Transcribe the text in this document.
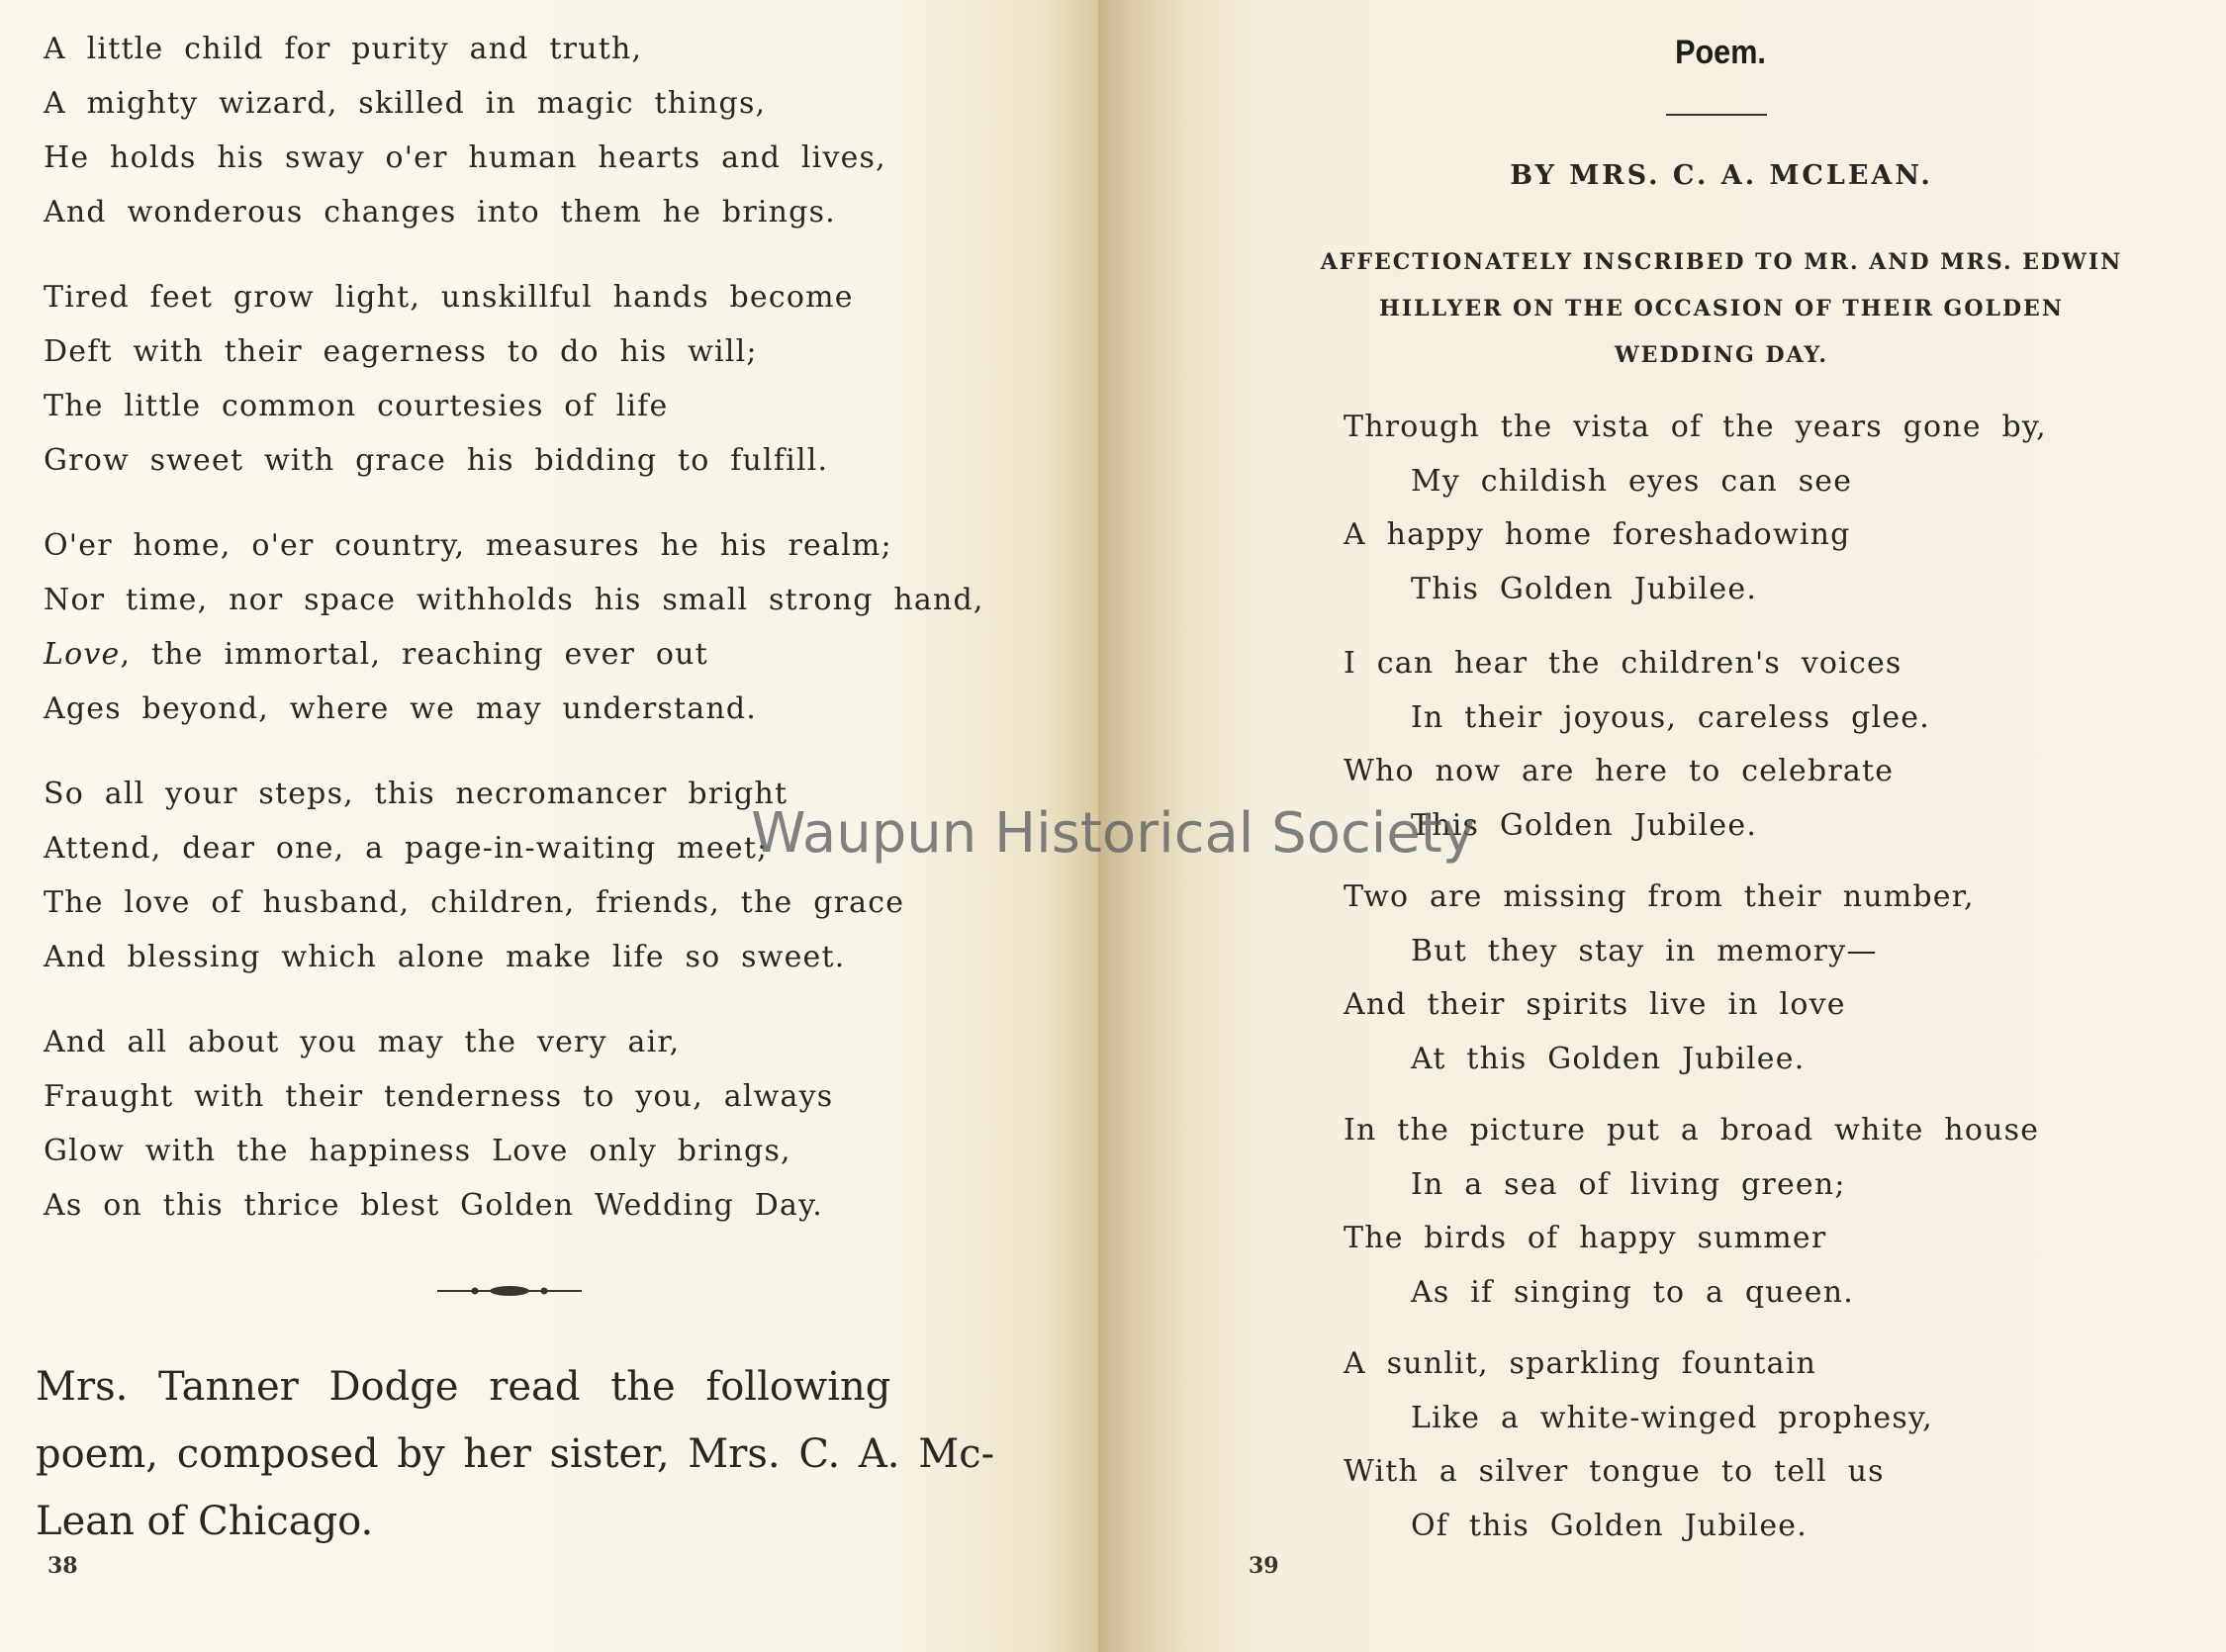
A little child for purity and truth,
A mighty wizard, skilled in magic things,
He holds his sway o'er human hearts and lives,
And wonderous changes into them he brings.
Tired feet grow light, unskillful hands become
Deft with their eagerness to do his will;
The little common courtesies of life
Grow sweet with grace his bidding to fulfill.
O'er home, o'er country, measures he his realm;
Nor time, nor space withholds his small strong hand,
Love, the immortal, reaching ever out
Ages beyond, where we may understand.
So all your steps, this necromancer bright
Attend, dear one, a page-in-waiting meet;
The love of husband, children, friends, the grace
And blessing which alone make life so sweet.
And all about you may the very air,
Fraught with their tenderness to you, always
Glow with the happiness Love only brings,
As on this thrice blest Golden Wedding Day.
Mrs. Tanner Dodge read the following
poem, composed by her sister, Mrs. C. A. Mc-
Lean of Chicago.
38
Poem.
BY MRS. C. A. MCLEAN.
AFFECTIONATELY INSCRIBED TO MR. AND MRS. EDWIN
HILLYER ON THE OCCASION OF THEIR GOLDEN
WEDDING DAY.
Through the vista of the years gone by,
My childish eyes can see
A happy home foreshadowing
This Golden Jubilee.
I can hear the children's voices
In their joyous, careless glee.
Who now are here to celebrate
This Golden Jubilee.
Two are missing from their number,
But they stay in memory—
And their spirits live in love
At this Golden Jubilee.
In the picture put a broad white house
In a sea of living green;
The birds of happy summer
As if singing to a queen.
A sunlit, sparkling fountain
Like a white-winged prophesy,
With a silver tongue to tell us
Of this Golden Jubilee.
39
Waupun Historical Society
